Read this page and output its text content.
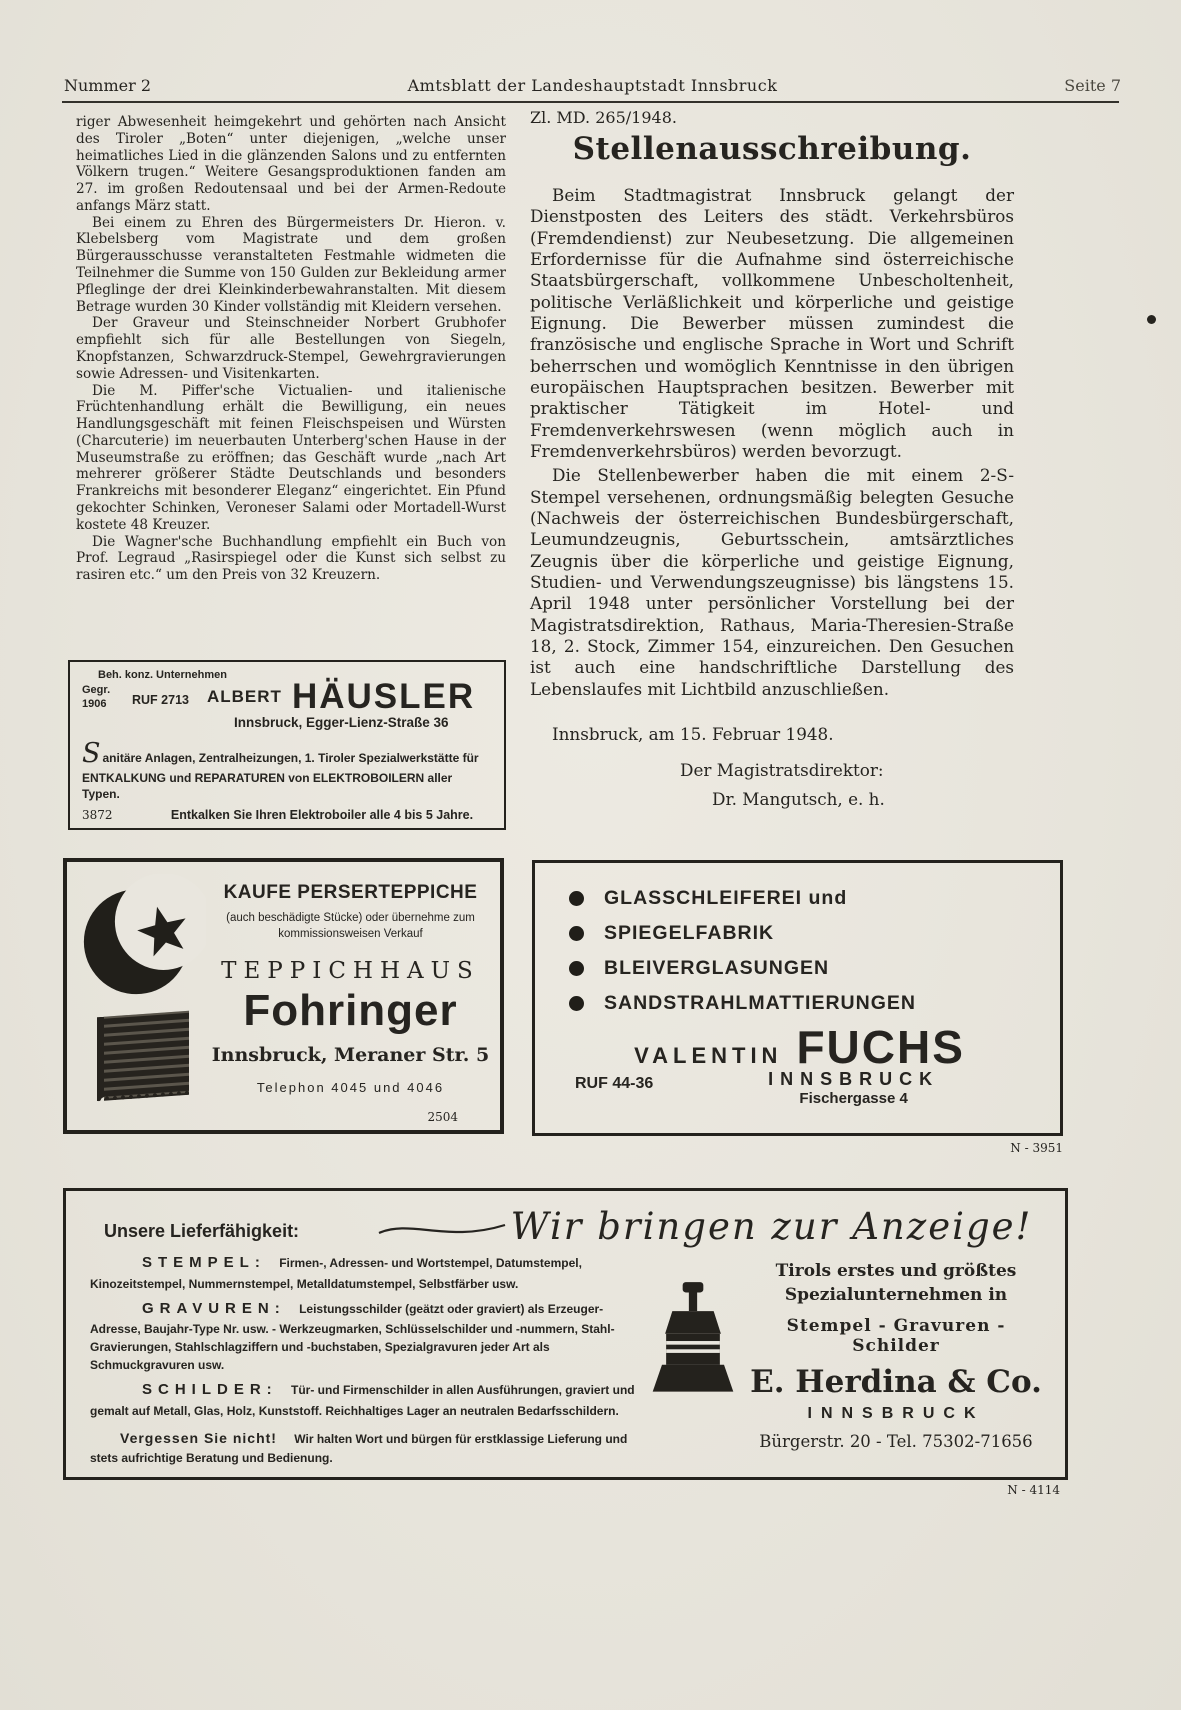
Nummer 2	Amtsblatt der Landeshauptstadt Innsbruck	Seite 7

riger Abwesenheit heimgekehrt und gehörten nach Ansicht des Tiroler „Boten“ unter diejenigen, „welche unser heimatliches Lied in die glänzenden Salons und zu entfernten Völkern trugen.“ Weitere Gesangsproduktionen fanden am 27. im großen Redoutensaal und bei der Armen-Redoute anfangs März statt.

Bei einem zu Ehren des Bürgermeisters Dr. Hieron. v. Klebelsberg vom Magistrate und dem großen Bürgerausschusse veranstalteten Festmahle widmeten die Teilnehmer die Summe von 150 Gulden zur Bekleidung armer Pfleglinge der drei Kleinkinderbewahranstalten. Mit diesem Betrage wurden 30 Kinder vollständig mit Kleidern versehen.

Der Graveur und Steinschneider Norbert Grubhofer empfiehlt sich für alle Bestellungen von Siegeln, Knopfstanzen, Schwarzdruck-Stempel, Gewehrgravierungen sowie Adressen- und Visitenkarten.

Die M. Piffer'sche Victualien- und italienische Früchtenhandlung erhält die Bewilligung, ein neues Handlungsgeschäft mit feinen Fleischspeisen und Würsten (Charcuterie) im neuerbauten Unterberg'schen Hause in der Museumstraße zu eröffnen; das Geschäft wurde „nach Art mehrerer größerer Städte Deutschlands und besonders Frankreichs mit besonderer Eleganz“ eingerichtet. Ein Pfund gekochter Schinken, Veroneser Salami oder Mortadell-Wurst kostete 48 Kreuzer.

Die Wagner'sche Buchhandlung empfiehlt ein Buch von Prof. Legraud „Rasirspiegel oder die Kunst sich selbst zu rasiren etc.“ um den Preis von 32 Kreuzern.

Zl. MD. 265/1948.

Stellenausschreibung.

Beim Stadtmagistrat Innsbruck gelangt der Dienstposten des Leiters des städt. Verkehrsbüros (Fremdendienst) zur Neubesetzung. Die allgemeinen Erfordernisse für die Aufnahme sind österreichische Staatsbürgerschaft, vollkommene Unbescholtenheit, politische Verläßlichkeit und körperliche und geistige Eignung. Die Bewerber müssen zumindest die französische und englische Sprache in Wort und Schrift beherrschen und womöglich Kenntnisse in den übrigen europäischen Hauptsprachen besitzen. Bewerber mit praktischer Tätigkeit im Hotel- und Fremdenverkehrswesen (wenn möglich auch in Fremdenverkehrsbüros) werden bevorzugt.

Die Stellenbewerber haben die mit einem 2-S-Stempel versehenen, ordnungsmäßig belegten Gesuche (Nachweis der österreichischen Bundesbürgerschaft, Leumundzeugnis, Geburtsschein, amtsärztliches Zeugnis über die körperliche und geistige Eignung, Studien- und Verwendungszeugnisse) bis längstens 15. April 1948 unter persönlicher Vorstellung bei der Magistratsdirektion, Rathaus, Maria-Theresien-Straße 18, 2. Stock, Zimmer 154, einzureichen. Den Gesuchen ist auch eine handschriftliche Darstellung des Lebenslaufes mit Lichtbild anzuschließen.

Innsbruck, am 15. Februar 1948.

Der Magistratsdirektor:

Dr. Mangutsch, e. h.

Beh. konz. Unternehmen
Gegr.
1906	RUF 2713 ALBERT HÄUSLER
Innsbruck, Egger-Lienz-Straße 36

Sanitäre Anlagen, Zentralheizungen, 1. Tiroler Spezialwerkstätte für ENTKALKUNG und REPARATUREN von ELEKTROBOILERN aller Typen.

3872	Entkalken Sie Ihren Elektroboiler alle 4 bis 5 Jahre.
KAUFE PERSERTEPPICHE
(auch beschädigte Stücke) oder übernehme zum kommissionsweisen Verkauf
TEPPICHHAUS
Fohringer
Innsbruck, Meraner Str. 5
Telephon 4045 und 4046
2504
GLASSCHLEIFEREI und
SPIEGELFABRIK
BLEIVERGLASUNGEN
SANDSTRAHLMATTIERUNGEN
VALENTIN FUCHS
RUF 44-36	INNSBRUCK
Fischergasse 4
N - 3951
Unsere Lieferfähigkeit:	Wir bringen zur Anzeige!

STEMPEL: Firmen-, Adressen- und Wortstempel, Datumstempel, Kinozeitstempel, Nummernstempel, Metalldatumstempel, Selbstfärber usw.

GRAVUREN: Leistungsschilder (geätzt oder graviert) als Erzeuger-Adresse, Baujahr-Type Nr. usw. - Werkzeugmarken, Schlüsselschilder und -nummern, Stahl-Gravierungen, Stahlschlagziffern und -buchstaben, Spezialgravuren jeder Art als Schmuckgravuren usw.

SCHILDER: Tür- und Firmenschilder in allen Ausführungen, graviert und gemalt auf Metall, Glas, Holz, Kunststoff. Reichhaltiges Lager an neutralen Bedarfsschildern.

Vergessen Sie nicht! Wir halten Wort und bürgen für erstklassige Lieferung und stets aufrichtige Beratung und Bedienung.

Tirols erstes und größtes
Spezialunternehmen in
Stempel - Gravuren - Schilder
E. Herdina & Co.
INNSBRUCK
Bürgerstr. 20 - Tel. 75302-71656
N - 4114
